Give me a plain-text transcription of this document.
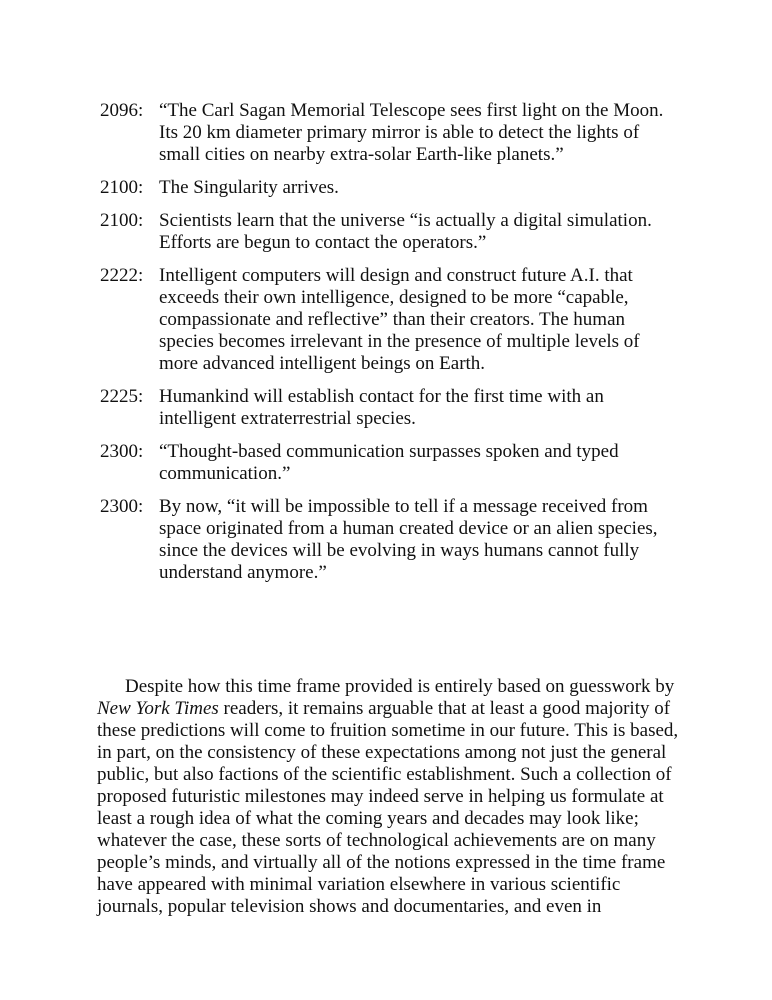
2096: “The Carl Sagan Memorial Telescope sees first light on the Moon. Its 20 km diameter primary mirror is able to detect the lights of small cities on nearby extra-solar Earth-like planets.”
2100: The Singularity arrives.
2100: Scientists learn that the universe “is actually a digital simulation. Efforts are begun to contact the operators.”
2222: Intelligent computers will design and construct future A.I. that exceeds their own intelligence, designed to be more “capable, compassionate and reflective” than their creators. The human species becomes irrelevant in the presence of multiple levels of more advanced intelligent beings on Earth.
2225: Humankind will establish contact for the first time with an intelligent extraterrestrial species.
2300: “Thought-based communication surpasses spoken and typed communication.”
2300: By now, “it will be impossible to tell if a message received from space originated from a human created device or an alien species, since the devices will be evolving in ways humans cannot fully understand anymore.”

Despite how this time frame provided is entirely based on guesswork by New York Times readers, it remains arguable that at least a good majority of these predictions will come to fruition sometime in our future. This is based, in part, on the consistency of these expectations among not just the general public, but also factions of the scientific establishment. Such a collection of proposed futuristic milestones may indeed serve in helping us formulate at least a rough idea of what the coming years and decades may look like; whatever the case, these sorts of technological achievements are on many people’s minds, and virtually all of the notions expressed in the time frame have appeared with minimal variation elsewhere in various scientific journals, popular television shows and documentaries, and even in
